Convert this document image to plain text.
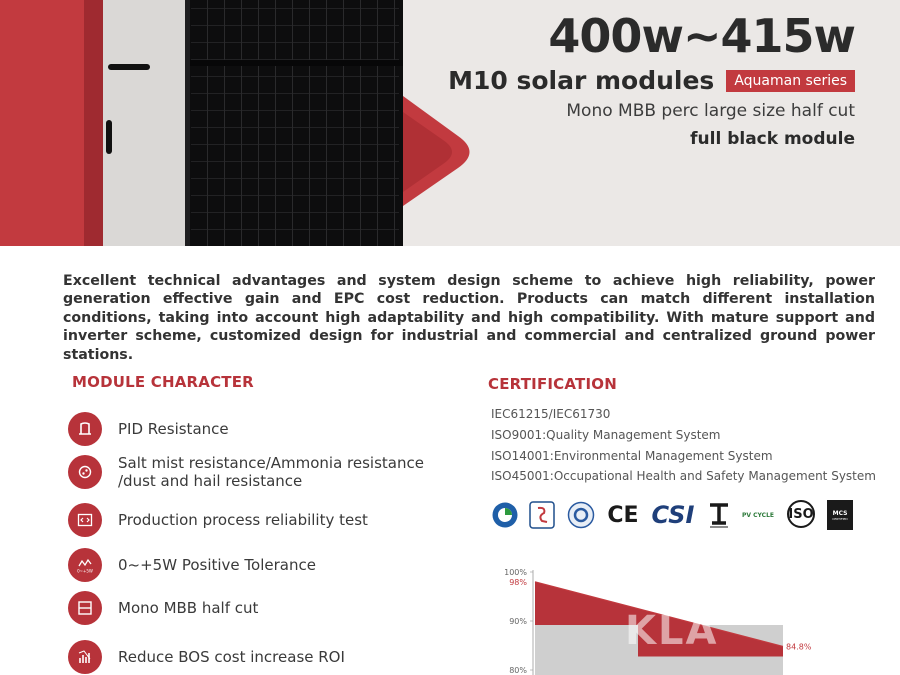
400w~415w
M10 solar modules	Aquaman series
Mono MBB perc large size half cut
full black module

Excellent technical advantages and system design scheme to achieve high reliability, power generation effective gain and EPC cost reduction. Products can match different installation conditions, taking into account high adaptability and high compatibility. With mature support and inverter scheme, customized design for industrial and commercial and centralized ground power stations.

MODULE CHARACTER
PID Resistance
Salt mist resistance/Ammonia resistance
/dust and hail resistance
Production process reliability test
0~+5W 0~+5W Positive Tolerance
Mono MBB half cut
Reduce BOS cost increase ROI
CERTIFICATION
IEC61215/IEC61730
ISO9001:Quality Management System
ISO14001:Environmental Management System
ISO45001:Occupational Health and Safety Management System
CE CSI	PV CYCLE ISO	MCS
CERTIFIED
100%
90%
80%
98%
84.8%
KLA
